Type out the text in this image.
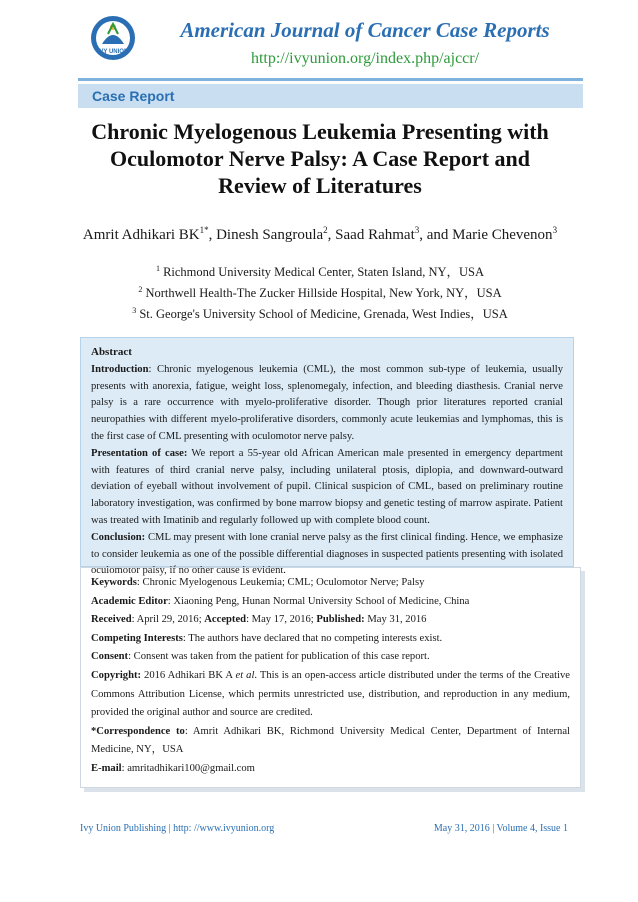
IVY UNION
American Journal of Cancer Case Reports
http://ivyunion.org/index.php/ajccr/
Case Report
Chronic Myelogenous Leukemia Presenting with Oculomotor Nerve Palsy: A Case Report and Review of Literatures
Amrit Adhikari $BK^{1*}$, Dinesh Sangroula$^2$, Saad Rahmat$^3$, and Marie Chevenon$^3$
$^1$ Richmond University Medical Center, Staten Island, NY，USA
$^2$ Northwell Health-The Zucker Hillside Hospital, New York, NY，USA
$^3$ St. George's University School of Medicine, Grenada, West Indies，USA

Abstract

Introduction: Chronic myelogenous leukemia (CML), the most common sub-type of leukemia, usually presents with anorexia, fatigue, weight loss, splenomegaly, infection, and bleeding diasthesis. Cranial nerve palsy is a rare occurrence with myelo-proliferative disorder. Though prior literatures reported cranial neuropathies with different myelo-proliferative disorders, commonly acute leukemias and lymphomas, this is the first case of CML presenting with oculomotor nerve palsy.

Presentation of case: We report a 55-year old African American male presented in emergency department with features of third cranial nerve palsy, including unilateral ptosis, diplopia, and downward-outward deviation of eyeball without involvement of pupil. Clinical suspicion of CML, based on preliminary routine laboratory investigation, was confirmed by bone marrow biopsy and genetic testing of marrow aspirate. Patient was treated with Imatinib and regularly followed up with complete blood count.

Conclusion: CML may present with lone cranial nerve palsy as the first clinical finding. Hence, we emphasize to consider leukemia as one of the possible differential diagnoses in suspected patients presenting with isolated oculomotor palsy, if no other cause is evident.

Keywords: Chronic Myelogenous Leukemia; CML; Oculomotor Nerve; Palsy

Academic Editor: Xiaoning Peng, Hunan Normal University School of Medicine, China

Received: April 29, 2016; Accepted: May 17, 2016; Published: May 31, 2016

Competing Interests: The authors have declared that no competing interests exist.

Consent: Consent was taken from the patient for publication of this case report.

Copyright: 2016 Adhikari BK A et al. This is an open-access article distributed under the terms of the Creative Commons Attribution License, which permits unrestricted use, distribution, and reproduction in any medium, provided the original author and source are credited.

*Correspondence to: Amrit Adhikari BK, Richmond University Medical Center, Department of Internal Medicine, NY，USA

E-mail: amritadhikari100@gmail.com

Ivy Union Publishing | http: //www.ivyunion.org	May 31, 2016 | Volume 4, Issue 1
